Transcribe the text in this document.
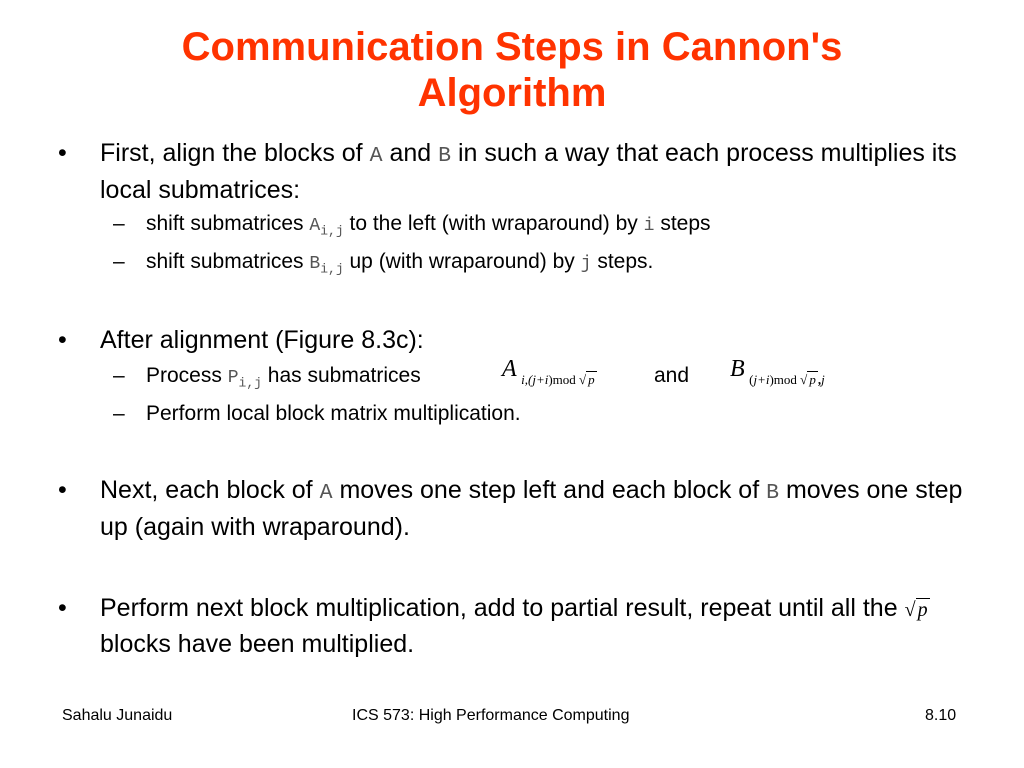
Communication Steps in Cannon's Algorithm
• First, align the blocks of A and B in such a way that each process multiplies its local submatrices:
– shift submatrices $A_{i,j}$ to the left (with wraparound) by i steps
– shift submatrices $B_{i,j}$ up (with wraparound) by j steps.
• After alignment (Figure 8.3c):
– Process $P_{i,j}$ has submatrices	A $_{i,(j+i)mod √ p}$	and	B $_{(j+i)mod √ p ,j}$
– Perform local block matrix multiplication.
• Next, each block of A moves one step left and each block of B moves one step up (again with wraparound).
• Perform next block multiplication, add to partial result, repeat until all the √ p blocks have been multiplied.
Sahalu Junaidu	ICS 573: High Performance Computing	8.10
